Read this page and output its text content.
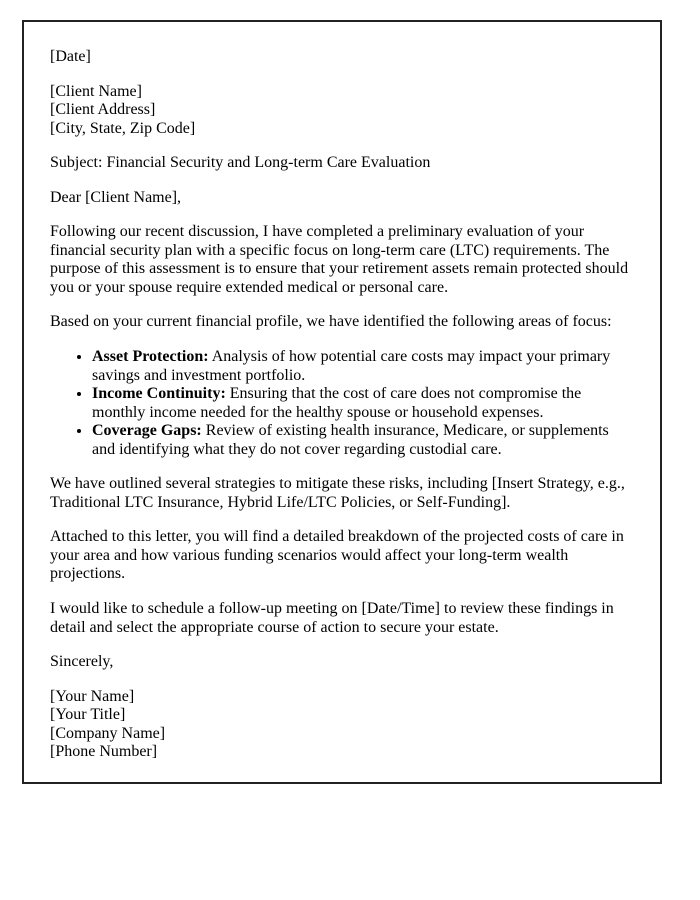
[Date]

[Client Name]

[Client Address]

[City, State, Zip Code]

Subject: Financial Security and Long-term Care Evaluation

Dear [Client Name],

Following our recent discussion, I have completed a preliminary evaluation of your financial security plan with a specific focus on long-term care (LTC) requirements. The purpose of this assessment is to ensure that your retirement assets remain protected should you or your spouse require extended medical or personal care.

Based on your current financial profile, we have identified the following areas of focus:

• Asset Protection: Analysis of how potential care costs may impact your primary savings and investment portfolio.
• Income Continuity: Ensuring that the cost of care does not compromise the monthly income needed for the healthy spouse or household expenses.
• Coverage Gaps: Review of existing health insurance, Medicare, or supplements and identifying what they do not cover regarding custodial care.

We have outlined several strategies to mitigate these risks, including [Insert Strategy, e.g., Traditional LTC Insurance, Hybrid Life/LTC Policies, or Self-Funding].

Attached to this letter, you will find a detailed breakdown of the projected costs of care in your area and how various funding scenarios would affect your long-term wealth projections.

I would like to schedule a follow-up meeting on [Date/Time] to review these findings in detail and select the appropriate course of action to secure your estate.

Sincerely,

[Your Name]

[Your Title]

[Company Name]

[Phone Number]
